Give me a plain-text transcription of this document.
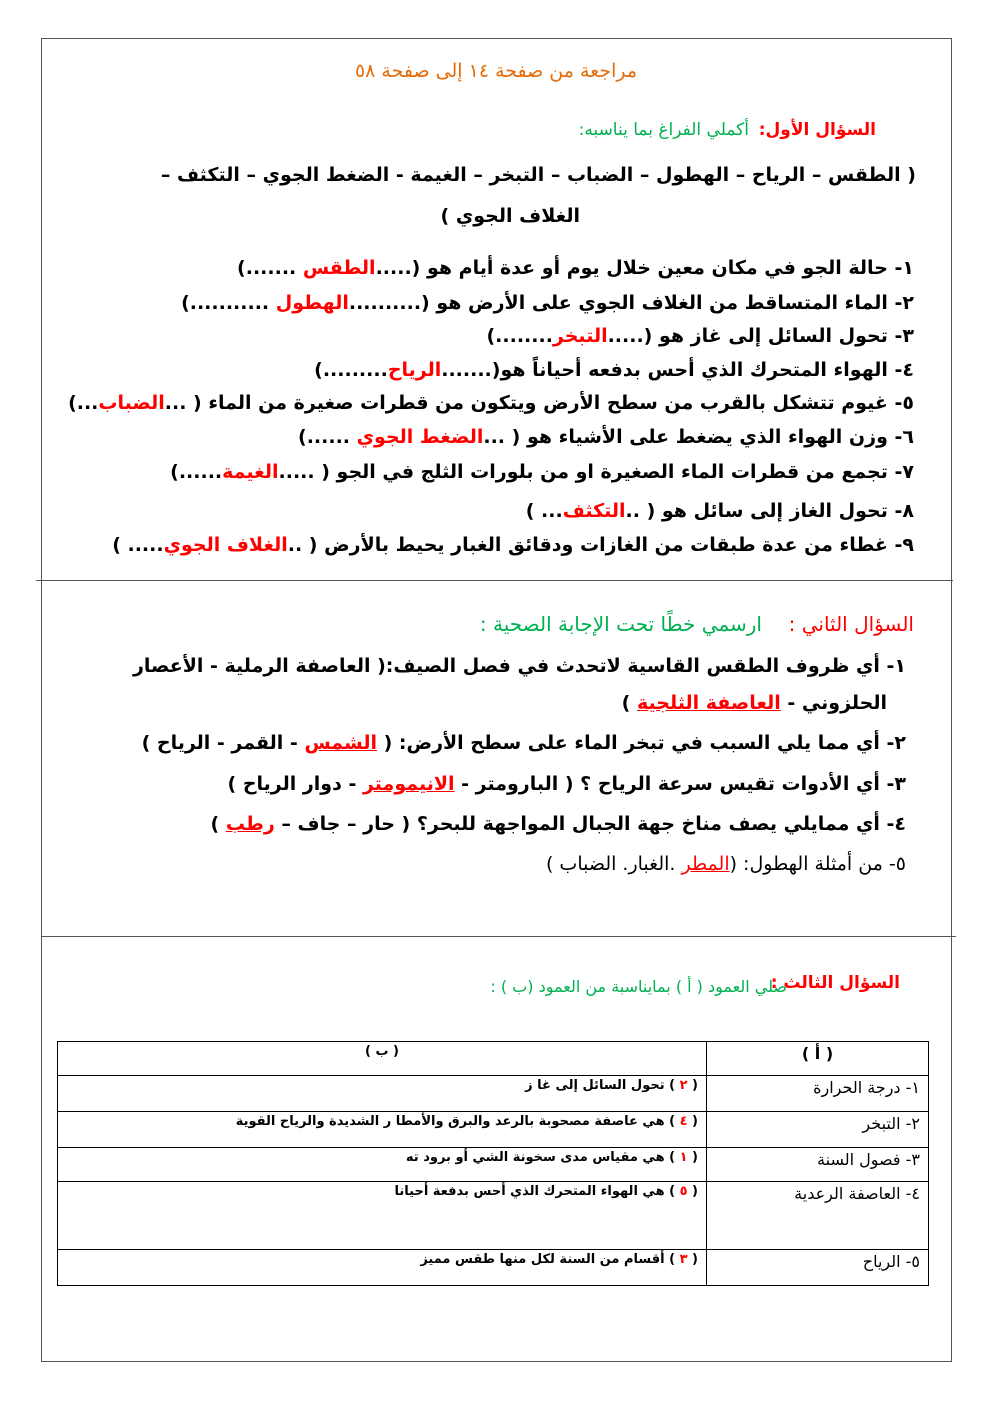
مراجعة من صفحة ١٤ إلى صفحة ٥٨
السؤال الأول:
أكملي الفراغ بما يناسبه:
( الطقس – الرياح – الهطول – الضباب – التبخر – الغيمة - الضغط الجوي – التكثف –
الغلاف الجوي )
١- حالة الجو في مكان معين خلال يوم أو عدة أيام هو (.....الطقس .......)
٢- الماء المتساقط من الغلاف الجوي على الأرض هو (..........الهطول ...........)
٣- تحول السائل إلى غاز هو (.....التبخر........)
٤- الهواء المتحرك الذي أحس بدفعه أحياناً هو(.......الرياح.........)
٥- غيوم تتشكل بالقرب من سطح الأرض ويتكون من قطرات صغيرة من الماء ( ...الضباب...)
٦- وزن الهواء الذي يضغط على الأشياء هو ( ...الضغط الجوي ......)
٧- تجمع من قطرات الماء الصغيرة او من بلورات الثلج في الجو ( .....الغيمة......)
٨- تحول الغاز إلى سائل هو ( ..التكثف... )
٩- غطاء من عدة طبقات من الغازات ودقائق الغبار يحيط بالأرض ( ..الغلاف الجوي..... )
السؤال الثاني :
ارسمي خطًا تحت الإجابة الصحية :
١- أي ظروف الطقس القاسية لاتحدث في فصل الصيف:( العاصفة الرملية - الأعصار
الحلزوني - العاصفة الثلجية )
٢- أي مما يلي السبب في تبخر الماء على سطح الأرض: ( الشمس - القمر - الرياح )
٣- أي الأدوات تقيس سرعة الرياح ؟ ( البارومتر - الانيمومتر - دوار الرياح )
٤- أي ممايلي يصف مناخ جهة الجبال المواجهة للبحر؟ ( حار – جاف – رطب )
٥- من أمثلة الهطول: (المطر .الغبار. الضباب )
السؤال الثالث :
صلي العمود ( أ ) بمايناسبة من العمود (ب ) :
( أ )	( ب )
١- درجة الحرارة	( ٢ ) تحول السائل إلى غا ز
٢- التبخر	( ٤ ) هي عاصفة مصحوبة بالرعد والبرق والأمطا ر الشديدة والرياح القوية
٣- فصول السنة	( ١ ) هي مقياس مدى سخونة الشي أو برود ته
٤- العاصفة الرعدية	( ٥ ) هي الهواء المتحرك الذي أحس بدفعة أحيانا
٥- الرياح	( ٣ ) أقسام من السنة لكل منها طقس مميز
